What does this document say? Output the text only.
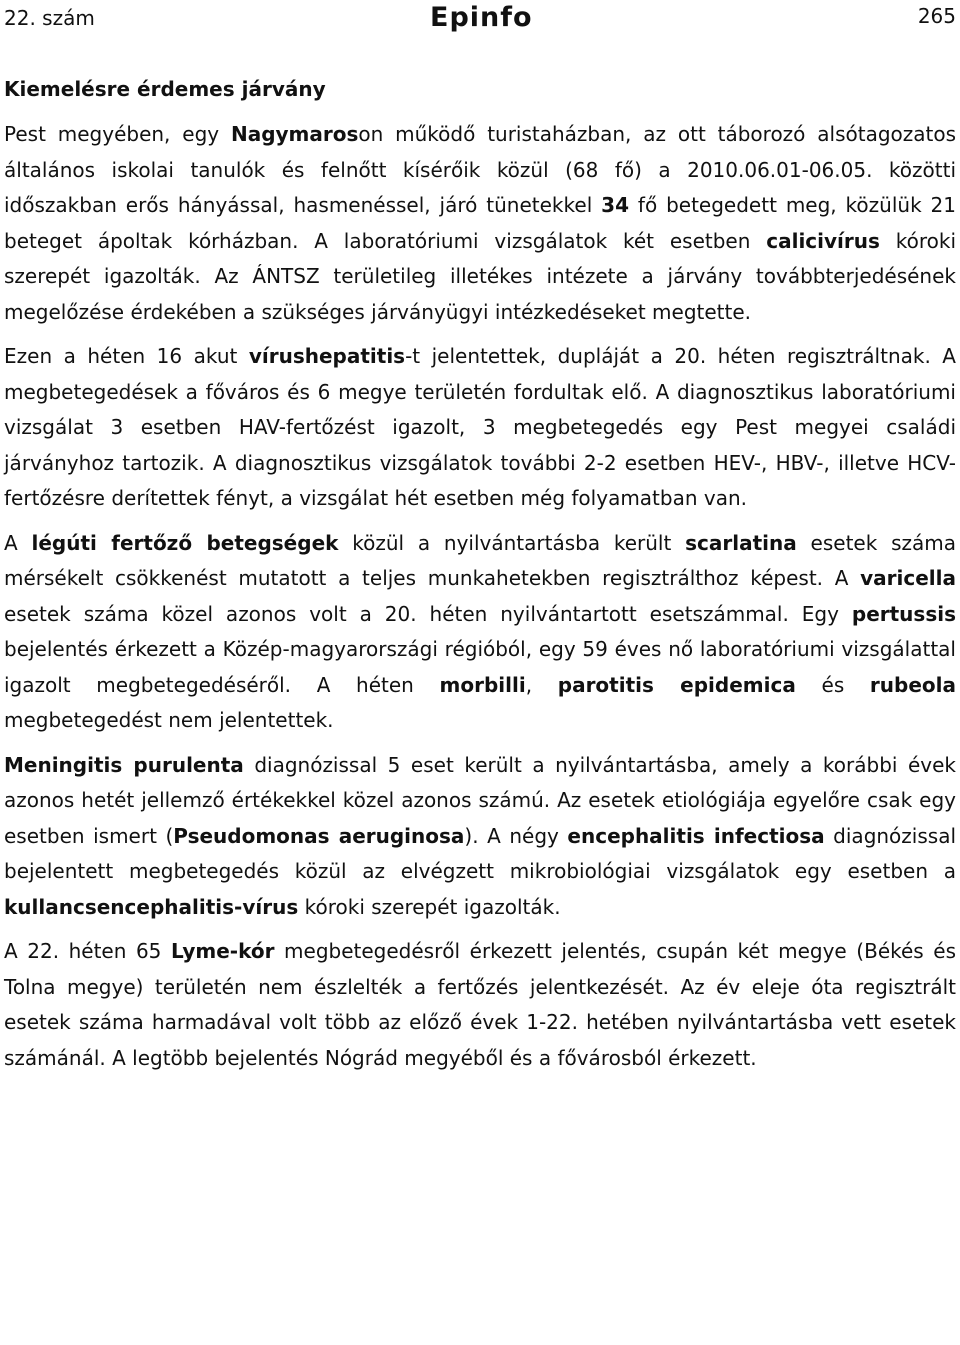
22. szám	Epinfo	265
Kiemelésre érdemes járvány

Pest megyében, egy Nagymaroson működő turistaházban, az ott táborozó alsótagozatos általános iskolai tanulók és felnőtt kísérőik közül (68 fő) a 2010.06.01-06.05. közötti időszakban erős hányással, hasmenéssel, járó tünetekkel 34 fő betegedett meg, közülük 21 beteget ápoltak kórházban. A laboratóriumi vizsgálatok két esetben calicivírus kóroki szerepét igazolták. Az ÁNTSZ területileg illetékes intézete a járvány továbbterjedésének megelőzése érdekében a szükséges járványügyi intézkedéseket megtette.

Ezen a héten 16 akut vírushepatitis-t jelentettek, dupláját a 20. héten regisztráltnak. A megbetegedések a főváros és 6 megye területén fordultak elő. A diagnosztikus laboratóriumi vizsgálat 3 esetben HAV-fertőzést igazolt, 3 megbetegedés egy Pest megyei családi járványhoz tartozik. A diagnosztikus vizsgálatok további 2-2 esetben HEV-, HBV-, illetve HCV-fertőzésre derítettek fényt, a vizsgálat hét esetben még folyamatban van.

A légúti fertőző betegségek közül a nyilvántartásba került scarlatina esetek száma mérsékelt csökkenést mutatott a teljes munkahetekben regisztrálthoz képest. A varicella esetek száma közel azonos volt a 20. héten nyilvántartott esetszámmal. Egy pertussis bejelentés érkezett a Közép-magyarországi régióból, egy 59 éves nő laboratóriumi vizsgálattal igazolt megbetegedéséről. A héten morbilli, parotitis epidemica és rubeola megbetegedést nem jelentettek.

Meningitis purulenta diagnózissal 5 eset került a nyilvántartásba, amely a korábbi évek azonos hetét jellemző értékekkel közel azonos számú. Az esetek etiológiája egyelőre csak egy esetben ismert (Pseudomonas aeruginosa). A négy encephalitis infectiosa diagnózissal bejelentett megbetegedés közül az elvégzett mikrobiológiai vizsgálatok egy esetben a kullancsencephalitis-vírus kóroki szerepét igazolták.

A 22. héten 65 Lyme-kór megbetegedésről érkezett jelentés, csupán két megye (Békés és Tolna megye) területén nem észlelték a fertőzés jelentkezését. Az év eleje óta regisztrált esetek száma harmadával volt több az előző évek 1-22. hetében nyilvántartásba vett esetek számánál. A legtöbb bejelentés Nógrád megyéből és a fővárosból érkezett.
